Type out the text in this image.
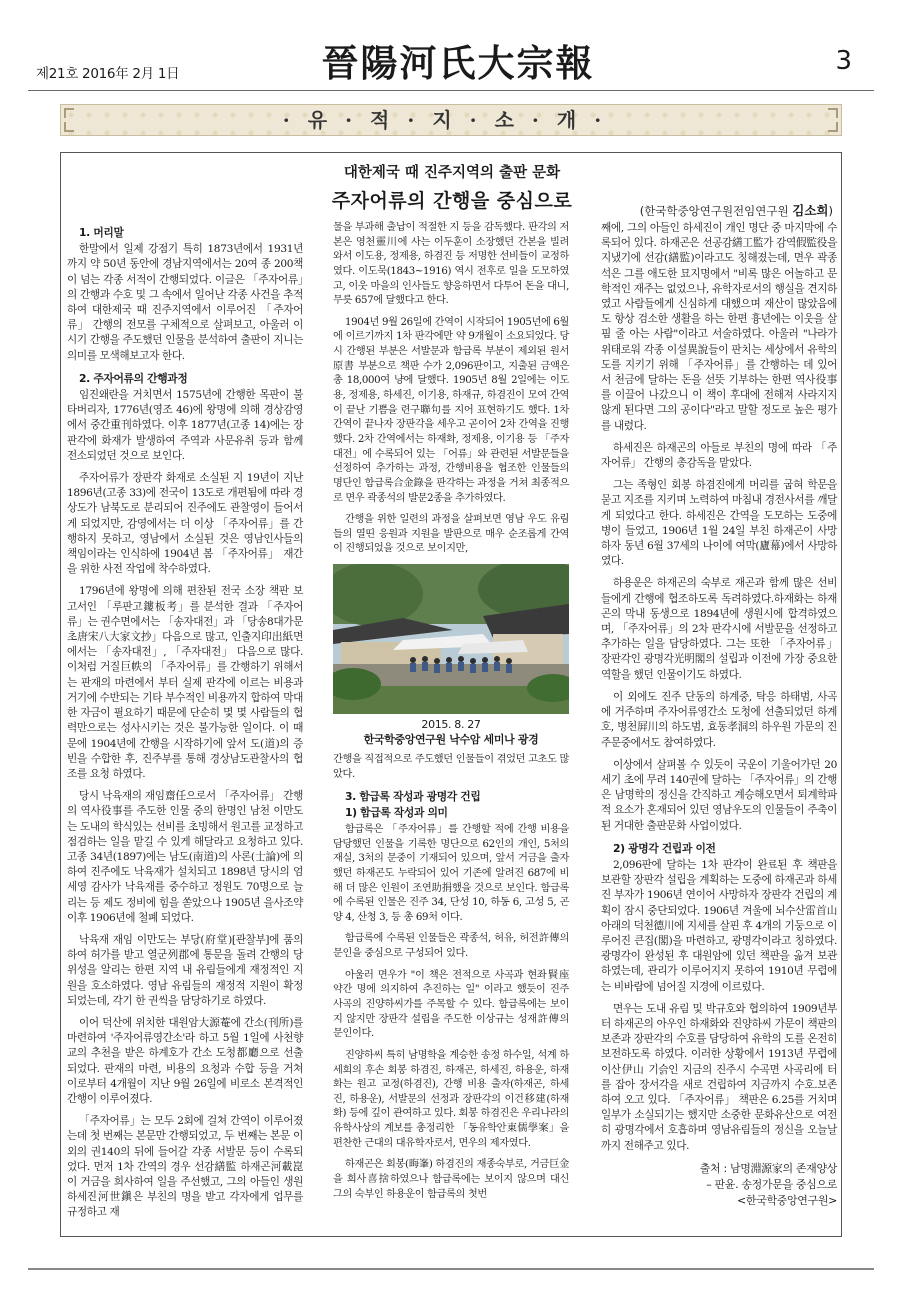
제21호 2016年 2月 1日	晉陽河氏大宗報	3
·유·적·지·소·개·
대한제국 때 진주지역의 출판 문화
주자어류의 간행을 중심으로	(한국학중앙연구원전임연구원 김소희)
1. 머리말

한말에서 일제 강점기 특히 1873년에서 1931년 까지 약 50년 동안에 경남지역에서는 20여 종 200책이 넘는 각종 서적이 간행되었다. 이글은 「주자어류」의 간행과 수호 및 그 속에서 일어난 각종 사건을 추적하여 대한제국 때 진주지역에서 이루어진 「주자어류」 간행의 전모를 구체적으로 살펴보고, 아울러 이 시기 간행을 주도했던 인물을 분석하여 출판이 지니는 의미를 모색해보고자 한다.

2. 주자어류의 간행과정

임진왜란을 거치면서 1575년에 간행한 목판이 불타버리자, 1776년(영조 46)에 왕명에 의해 경상감영에서 중간重刊하였다. 이후 1877년(고종 14)에는 장판각에 화재가 발생하여 주역과 사문유취 등과 함께 전소되었던 것으로 보인다.

주자어류가 장판각 화재로 소실된 지 19년이 지난 1896년(고종 33)에 전국이 13도로 개편됨에 따라 경상도가 남북도로 분리되어 진주에도 관찰영이 들어서게 되었지만, 감영에서는 더 이상 「주자어류」를 간행하지 못하고, 영남에서 소실된 것은 영남인사들의 책임이라는 인식하에 1904년 봄 「주자어류」 재간을 위한 사전 작업에 착수하였다.

1796년에 왕명에 의해 편찬된 전국 소장 책판 보고서인 「루판고鏤板考」를 분석한 결과 「주자어류」는 권수면에서는 「송자대전」과 「당송8대가문초唐宋八大家文抄」다음으로 많고, 인출지印出紙면에서는 「송자대전」, 「주자대전」 다음으로 많다. 이처럼 거질巨帙의 「주자어류」를 간행하기 위해서는 판재의 마련에서 부터 실제 판각에 이르는 비용과 거기에 수반되는 기타 부수적인 비용까지 합하여 막대한 자금이 필요하기 때문에 단순히 몇 몇 사람들의 협력만으로는 성사시키는 것은 불가능한 일이다. 이 때문에 1904년에 간행을 시작하기에 앞서 도(道)의 증빈을 수합한 후, 진주부를 통해 경상남도관찰사의 협조를 요청 하였다.

당시 낙육재의 재임齋任으로서 「주자어류」 간행의 역사役事를 주도한 인물 중의 한명인 남천 이만도는 도내의 학식있는 선비를 초빙해서 원고를 교정하고 점검하는 일을 맡길 수 있게 해달라고 요청하고 있다. 고종 34년(1897)에는 남도(南道)의 사론(士論)에 의하여 진주에도 낙육재가 설치되고 1898년 당시의 엄세영 감사가 낙육재를 중수하고 정원도 70명으로 늘리는 등 제도 정비에 힘을 쏟았으나 1905년 을사조약 이후 1906년에 철폐 되었다.

낙육재 재임 이만도는 부당(府堂)[관찰부]에 품의하여 허가를 받고 열군列郡에 통문을 돌려 간행의 당위성을 알리는 한편 지역 내 유림들에게 재정적인 지원을 호소하였다. 영남 유림들의 재정적 지원이 확정되었는데, 각기 한 권씩을 담당하기로 하였다.

이어 덕산에 위치한 대원암大源菴에 간소(刊所)를 마련하여 '주자어류영간소'라 하고 5월 1일에 사천향교의 추천을 받은 하계호가 간소 도청都廳으로 선출되었다. 판재의 마련, 비용의 요청과 수합 등을 거쳐 이로부터 4개월이 지난 9월 26일에 비로소 본격적인 간행이 이루어졌다.

「주자어류」는 모두 2회에 걸쳐 간역이 이루어졌는데 첫 번째는 본문만 간행되었고, 두 번째는 본문 이외의 권140의 뒤에 들어갈 각종 서발문 등이 수록되었다. 먼저 1차 간역의 경우 선감繕監 하재곤河載崑이 거금을 희사하여 일을 주선했고, 그의 아들인 생원 하세진河世鎭은 부친의 명을 받고 각자에게 업무를 규정하고 재

물을 부과해 출납이 적절한 지 등을 감독했다. 판각의 저본은 영천靈川에 사는 이두훈이 소장했던 간본을 빌려와서 이도용, 정제용, 하겸진 등 저명한 선비들이 교정하였다. 이도묵(1843~1916) 역시 전후로 일을 도모하였고, 이웃 마을의 인사들도 향응하면서 다투어 돈을 대니, 무릇 657에 달했다고 한다.

1904년 9월 26일에 간역이 시작되어 1905년에 6월에 이르기까지 1차 판각에만 약 9개월이 소요되었다. 당시 간행된 부분은 서발문과 함급록 부분이 제외된 원서原書 부분으로 책판 수가 2,096판이고, 지출된 금액은 총 18,000여 냥에 달했다. 1905년 8월 2일에는 이도용, 정제용, 하세진, 이기용, 하재규, 하겸진이 모여 간역이 끝난 기쁨을 련구聯句를 지어 표현하기도 했다. 1차 간역이 끝나자 장판각을 세우고 곧이어 2차 간역을 진행했다. 2차 간역에서는 하재화, 정제용, 이기용 등 「주자대전」에 수록되어 있는 「어류」와 관련된 서발문들을 선정하여 추가하는 과정, 간행비용을 협조한 인물들의 명단인 함급록合金錄을 판각하는 과정을 거쳐 최종적으로 면우 곽종석의 발문2종을 추가하였다.

간행을 위한 일련의 과정을 살펴보면 영남 우도 유림들의 열띤 응원과 지원을 발판으로 매우 순조롭게 간역이 진행되었을 것으로 보이지만,

2015. 8. 27
한국학중앙연구원 낙수암 세미나 광경

간행을 직접적으로 주도했던 인물들이 겪었던 고초도 많았다.

3. 함급록 작성과 광명각 건립
1) 함급록 작성과 의미

함급록은 「주자어류」를 간행할 적에 간행 비용을 담당했던 인물을 기록한 명단으로 62인의 개인, 5처의 재실, 3처의 문중이 기재되어 있으며, 앞서 거금을 출자했던 하재곤도 누락되어 있어 기존에 알려진 687에 비해 더 많은 인원이 조연助捐했을 것으로 보인다. 함급록에 수록된 인물은 진주 34, 단성 10, 하동 6, 고성 5, 곤양 4, 산청 3, 등 총 69처 이다.

함급록에 수록된 인물들은 곽종석, 허유, 허전許傳의 문인을 중심으로 구성되어 있다.

아울러 면우가 "이 책은 전적으로 사곡과 현좌賢座 약간 명에 의지하여 추진하는 일" 이라고 했듯이 진주 사곡의 진양하씨가를 주목할 수 있다. 함급록에는 보이지 않지만 장판각 설립을 주도한 이상규는 성재許傳의 문인이다.

진양하씨 특히 남명학을 계승한 송정 하수일, 석계 하세희의 후손 회봉 하겸진, 하재곤, 하세진, 하용운, 하재화는 원고 교정(하겸진), 간행 비용 출자(하재곤, 하세진, 하용운), 서발문의 선정과 장판각의 이건移建(하재화) 등에 깊이 관여하고 있다. 회봉 하겸진은 우리나라의 유학사상의 계보를 총정리한 「동유학안東儒學案」을 편찬한 근대의 대유학자로서, 면우의 제자였다.

하재곤은 회봉(晦峯) 하겸진의 재종숙부로, 거금巨金을 희사喜捨하였으나 함급록에는 보이지 않으며 대신 그의 숙부인 하용운이 함급록의 첫번

째에, 그의 아들인 하세진이 개인 명단 중 마지막에 수록되어 있다. 하재곤은 선공감繕工監가 감역假監役을 지냈기에 선감(繕監)이라고도 칭해졌는데, 면우 곽종석은 그를 애도한 묘지명에서 "비록 많은 어놀하고 문학적인 재주는 없었으나, 유학자로서의 행실을 견지하였고 사람들에게 신심하게 대했으며 재산이 많았음에도 항상 검소한 생활을 하는 한편 흉년에는 이웃을 살핌 줄 아는 사람"이라고 서술하였다. 아울러 "나라가 위태로워 각종 이설異說들이 판치는 세상에서 유학의 도를 지키기 위해 「주자어류」를 간행하는 데 있어서 천금에 달하는 돈을 선뜻 기부하는 한편 역사役事를 이끌어 나갔으니 이 책이 후대에 전해져 사라지지 않게 된다면 그의 공이다"라고 말할 정도로 높은 평가를 내렸다.

하세진은 하재곤의 아들로 부친의 명에 따라 「주자어류」 간행의 총감독을 맡았다.

그는 족형인 회봉 하겸진에게 머리를 굽혀 학문을 묻고 지조를 지키며 노력하여 마침내 경전사서를 깨달게 되었다고 한다. 하세진은 간역을 도모하는 도중에 병이 들었고, 1906년 1월 24일 부친 하재곤이 사망하자 동년 6월 37세의 나이에 여막(廬幕)에서 사망하였다.

하용운은 하재곤의 숙부로 재곤과 함께 많은 선비들에게 간행에 협조하도록 독려하였다.하재화는 하재곤의 막내 동생으로 1894년에 생원시에 합격하였으며, 「주자어류」의 2차 판각시에 서발문을 선정하고 추가하는 일을 담당하였다. 그는 또한 「주자어류」 장판각인 광명각光明閣의 설립과 이전에 가장 중요한 역할을 했던 인물이기도 하였다.

이 외에도 진주 단동의 하계중, 탁응 하태범, 사곡에 거주하며 주자어류영간소 도청에 선출되었던 하계호, 병천屛川의 하도범, 효동孝洞의 하우원 가문의 진주문중에서도 참여하였다.

이상에서 살펴볼 수 있듯이 국운이 기울어가던 20세기 초에 무려 140권에 달하는 「주자어류」의 간행은 남명학의 정신을 간직하고 계승해오면서 퇴계학파적 요소가 혼재되어 있던 영남우도의 인물들이 주축이 된 거대한 출판문화 사업이었다.

2) 광명각 건립과 이전

2,096판에 달하는 1차 판각이 완료된 후 책판을 보관할 장판각 설립을 계획하는 도중에 하재곤과 하세진 부자가 1906년 연이어 사망하자 장판각 건립의 계획이 잠시 중단되었다. 1906년 겨울에 뇌수산雷首山 아래의 덕천德川에 지세를 살핀 후 4개의 기둥으로 이루어진 큰집(閣)을 마련하고, 광명각이라고 칭하였다. 광명각이 완성된 후 대원암에 있던 책판을 옮겨 보관하였는데, 관리가 이루어지지 못하여 1910년 무렵에는 비바람에 넘어질 지경에 이르렀다.

면우는 도내 유림 및 박규호와 협의하여 1909년부터 하재곤의 아우인 하재화와 진양하씨 가문이 책판의 보존과 장판각의 수호를 담당하여 유학의 도를 온전히 보전하도록 하였다. 이러한 상황에서 1913년 무렵에 이산伊山 기슭인 지금의 진주시 수곡면 사곡리에 터를 잡아 장서각을 새로 건립하여 지금까지 수호.보존하여 오고 있다. 「주자어류」 책판은 6.25를 거치며 일부가 소실되기는 했지만 소중한 문화유산으로 여전히 광명각에서 호흡하며 영남유림들의 정신을 오늘날까지 전해주고 있다.

출처 : 남명淵源家의 존재양상
– 판윤. 송정가문을 중심으로
<한국학중앙연구원>
